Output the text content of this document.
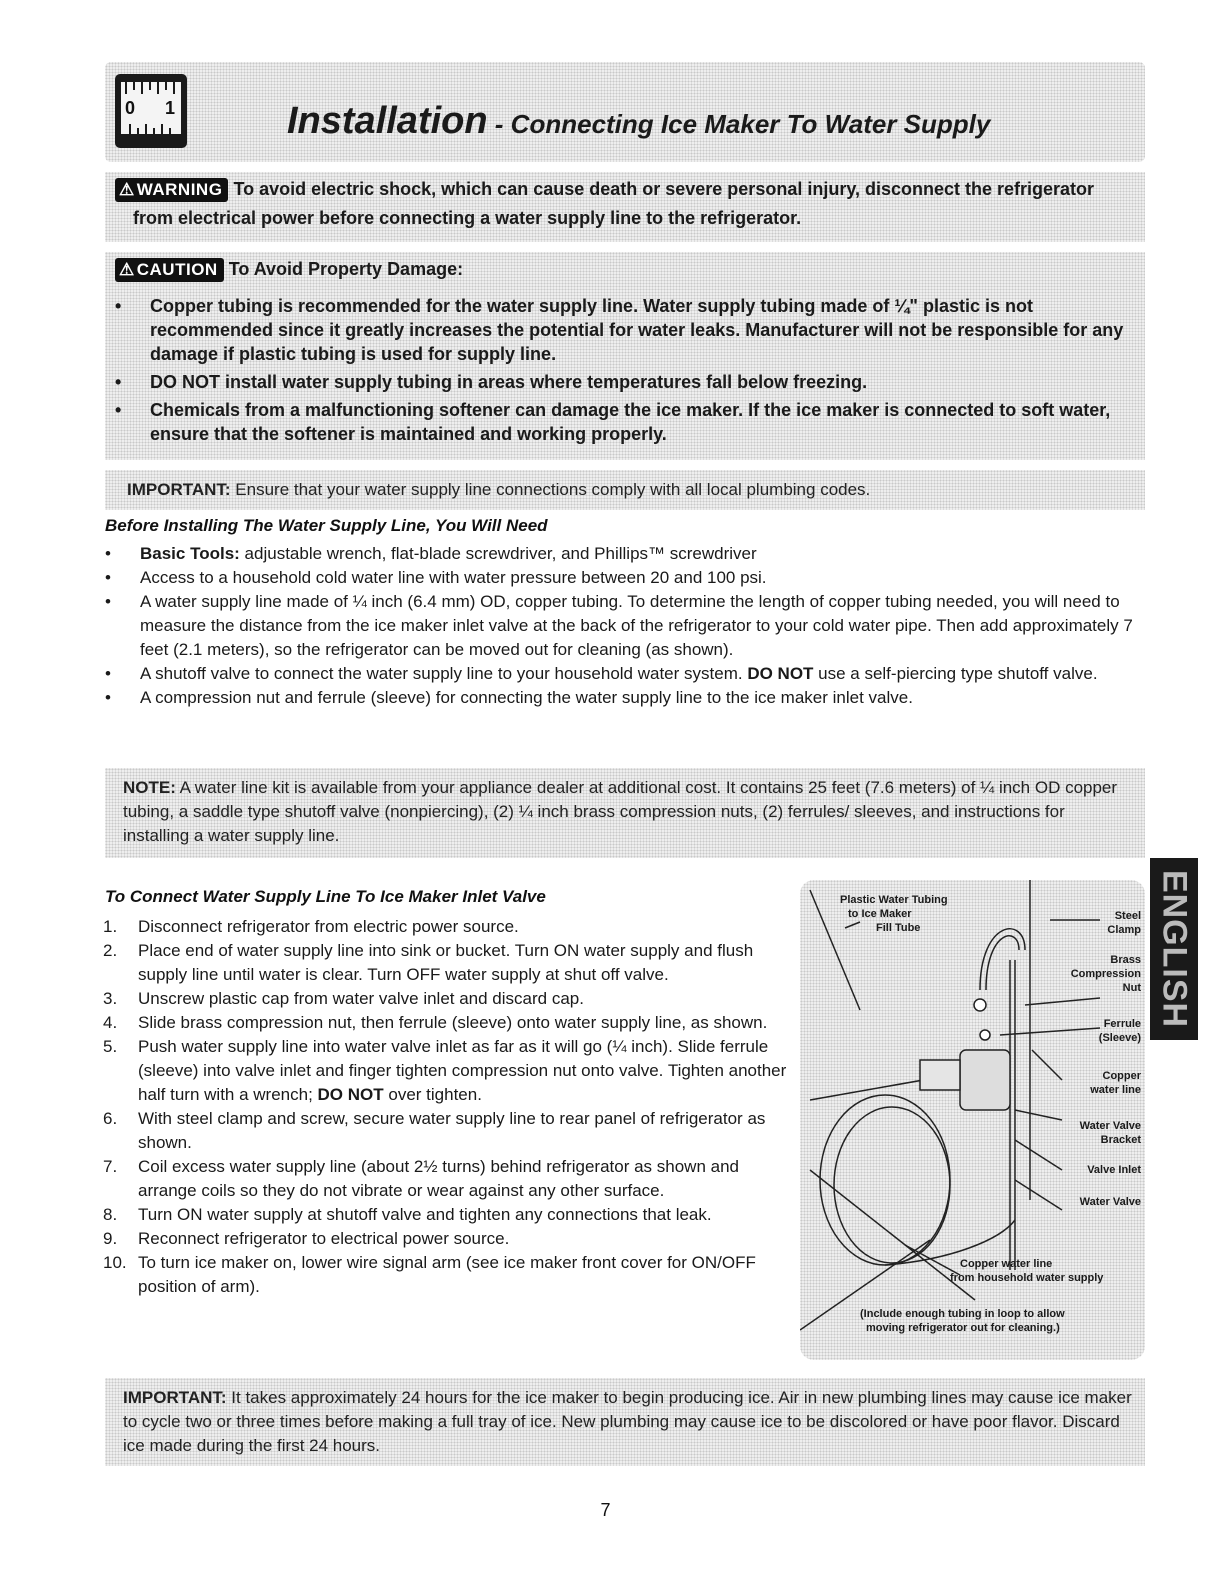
0 1	Installation - Connecting Ice Maker To Water Supply
⚠ WARNING To avoid electric shock, which can cause death or severe personal injury, disconnect the refrigerator
from electrical power before connecting a water supply line to the refrigerator.
⚠ CAUTION To Avoid Property Damage:
• Copper tubing is recommended for the water supply line. Water supply tubing made of ¼" plastic is not recommended since it greatly increases the potential for water leaks. Manufacturer will not be responsible for any damage if plastic tubing is used for supply line.
• DO NOT install water supply tubing in areas where temperatures fall below freezing.
• Chemicals from a malfunctioning softener can damage the ice maker. If the ice maker is connected to soft water, ensure that the softener is maintained and working properly.
IMPORTANT: Ensure that your water supply line connections comply with all local plumbing codes.
Before Installing The Water Supply Line, You Will Need
• Basic Tools: adjustable wrench, flat-blade screwdriver, and Phillips™ screwdriver
• Access to a household cold water line with water pressure between 20 and 100 psi.
• A water supply line made of ¼ inch (6.4 mm) OD, copper tubing. To determine the length of copper tubing needed, you will need to measure the distance from the ice maker inlet valve at the back of the refrigerator to your cold water pipe. Then add approximately 7 feet (2.1 meters), so the refrigerator can be moved out for cleaning (as shown).
• A shutoff valve to connect the water supply line to your household water system. DO NOT use a self-piercing type shutoff valve.
• A compression nut and ferrule (sleeve) for connecting the water supply line to the ice maker inlet valve.
NOTE: A water line kit is available from your appliance dealer at additional cost. It contains 25 feet (7.6 meters) of ¼ inch OD copper tubing, a saddle type shutoff valve (nonpiercing), (2) ¼ inch brass compression nuts, (2) ferrules/ sleeves, and instructions for installing a water supply line.
To Connect Water Supply Line To Ice Maker Inlet Valve
1. Disconnect refrigerator from electric power source.
2. Place end of water supply line into sink or bucket. Turn ON water supply and flush supply line until water is clear. Turn OFF water supply at shut off valve.
3. Unscrew plastic cap from water valve inlet and discard cap.
4. Slide brass compression nut, then ferrule (sleeve) onto water supply line, as shown.
5. Push water supply line into water valve inlet as far as it will go (¼ inch). Slide ferrule (sleeve) into valve inlet and finger tighten compression nut onto valve. Tighten another half turn with a wrench; DO NOT over tighten.
6. With steel clamp and screw, secure water supply line to rear panel of refrigerator as shown.
7. Coil excess water supply line (about 2½ turns) behind refrigerator as shown and arrange coils so they do not vibrate or wear against any other surface.
8. Turn ON water supply at shutoff valve and tighten any connections that leak.
9. Reconnect refrigerator to electrical power source.
10. To turn ice maker on, lower wire signal arm (see ice maker front cover for ON/OFF position of arm).
Plastic Water Tubing
to Ice Maker
Fill Tube
Steel
Clamp
Brass
Compression
Nut
Ferrule
(Sleeve)
Copper
water line
Water Valve
Bracket
Valve Inlet
Water Valve
Copper water line
from household water supply
(Include enough tubing in loop to allow
moving refrigerator out for cleaning.)
ENGLISH
IMPORTANT: It takes approximately 24 hours for the ice maker to begin producing ice. Air in new plumbing lines may cause ice maker to cycle two or three times before making a full tray of ice. New plumbing may cause ice to be discolored or have poor flavor. Discard ice made during the first 24 hours.
7
